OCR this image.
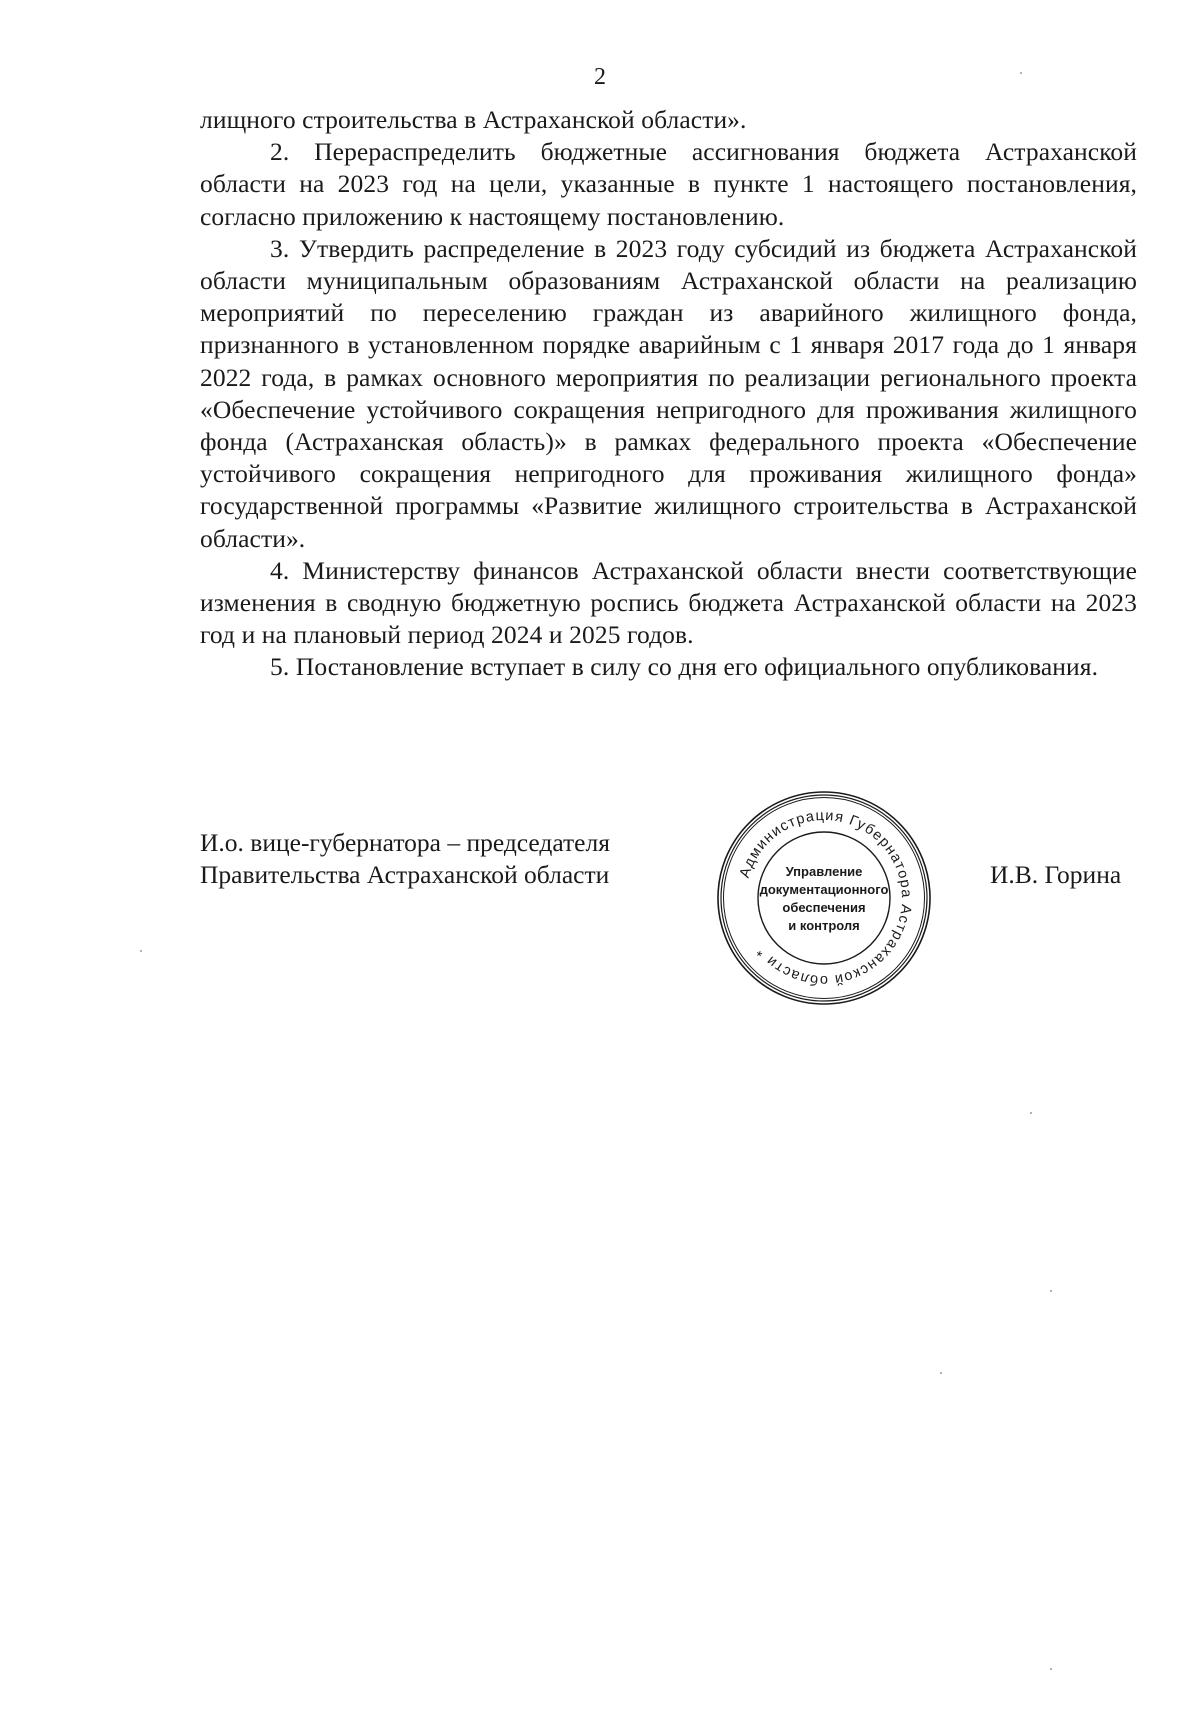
2

лищного строительства в Астраханской области».

2. Перераспределить бюджетные ассигнования бюджета Астраханской области на 2023 год на цели, указанные в пункте 1 настоящего постановления, согласно приложению к настоящему постановлению.

3. Утвердить распределение в 2023 году субсидий из бюджета Астраханской области муниципальным образованиям Астраханской области на реализацию мероприятий по переселению граждан из аварийного жилищного фонда, признанного в установленном порядке аварийным с 1 января 2017 года до 1 января 2022 года, в рамках основного мероприятия по реализации регионального проекта «Обеспечение устойчивого сокращения непригодного для проживания жилищного фонда (Астраханская область)» в рамках федерального проекта «Обеспечение устойчивого сокращения непригодного для проживания жилищного фонда» государственной программы «Развитие жилищного строительства в Астраханской области».

4. Министерству финансов Астраханской области внести соответствующие изменения в сводную бюджетную роспись бюджета Астраханской области на 2023 год и на плановый период 2024 и 2025 годов.

5. Постановление вступает в силу со дня его официального опубликования.

И.о. вице-губернатора – председателя
Правительства Астраханской области	И.В. Горина
Администрация Губернатора Астраханской области *
Управление
документационного
обеспечения
и контроля
